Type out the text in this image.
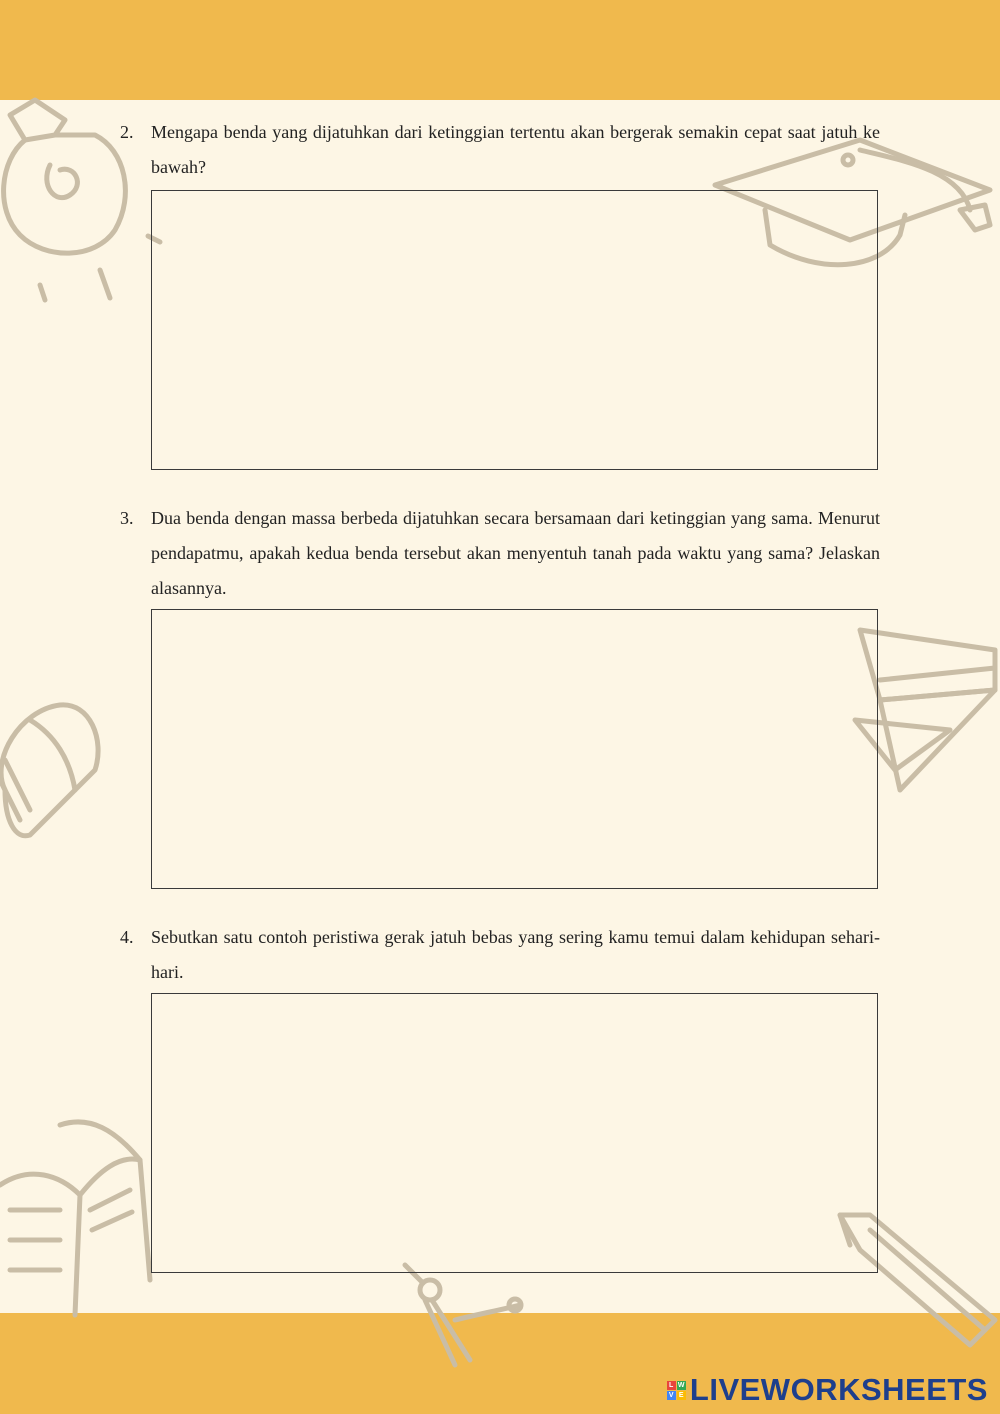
2. Mengapa benda yang dijatuhkan dari ketinggian tertentu akan bergerak semakin cepat saat jatuh ke bawah?
3. Dua benda dengan massa berbeda dijatuhkan secara bersamaan dari ketinggian yang sama. Menurut pendapatmu, apakah kedua benda tersebut akan menyentuh tanah pada waktu yang sama? Jelaskan alasannya.
4. Sebutkan satu contoh peristiwa gerak jatuh bebas yang sering kamu temui dalam kehidupan sehari-hari.
L W
V E LIVEWORKSHEETS
